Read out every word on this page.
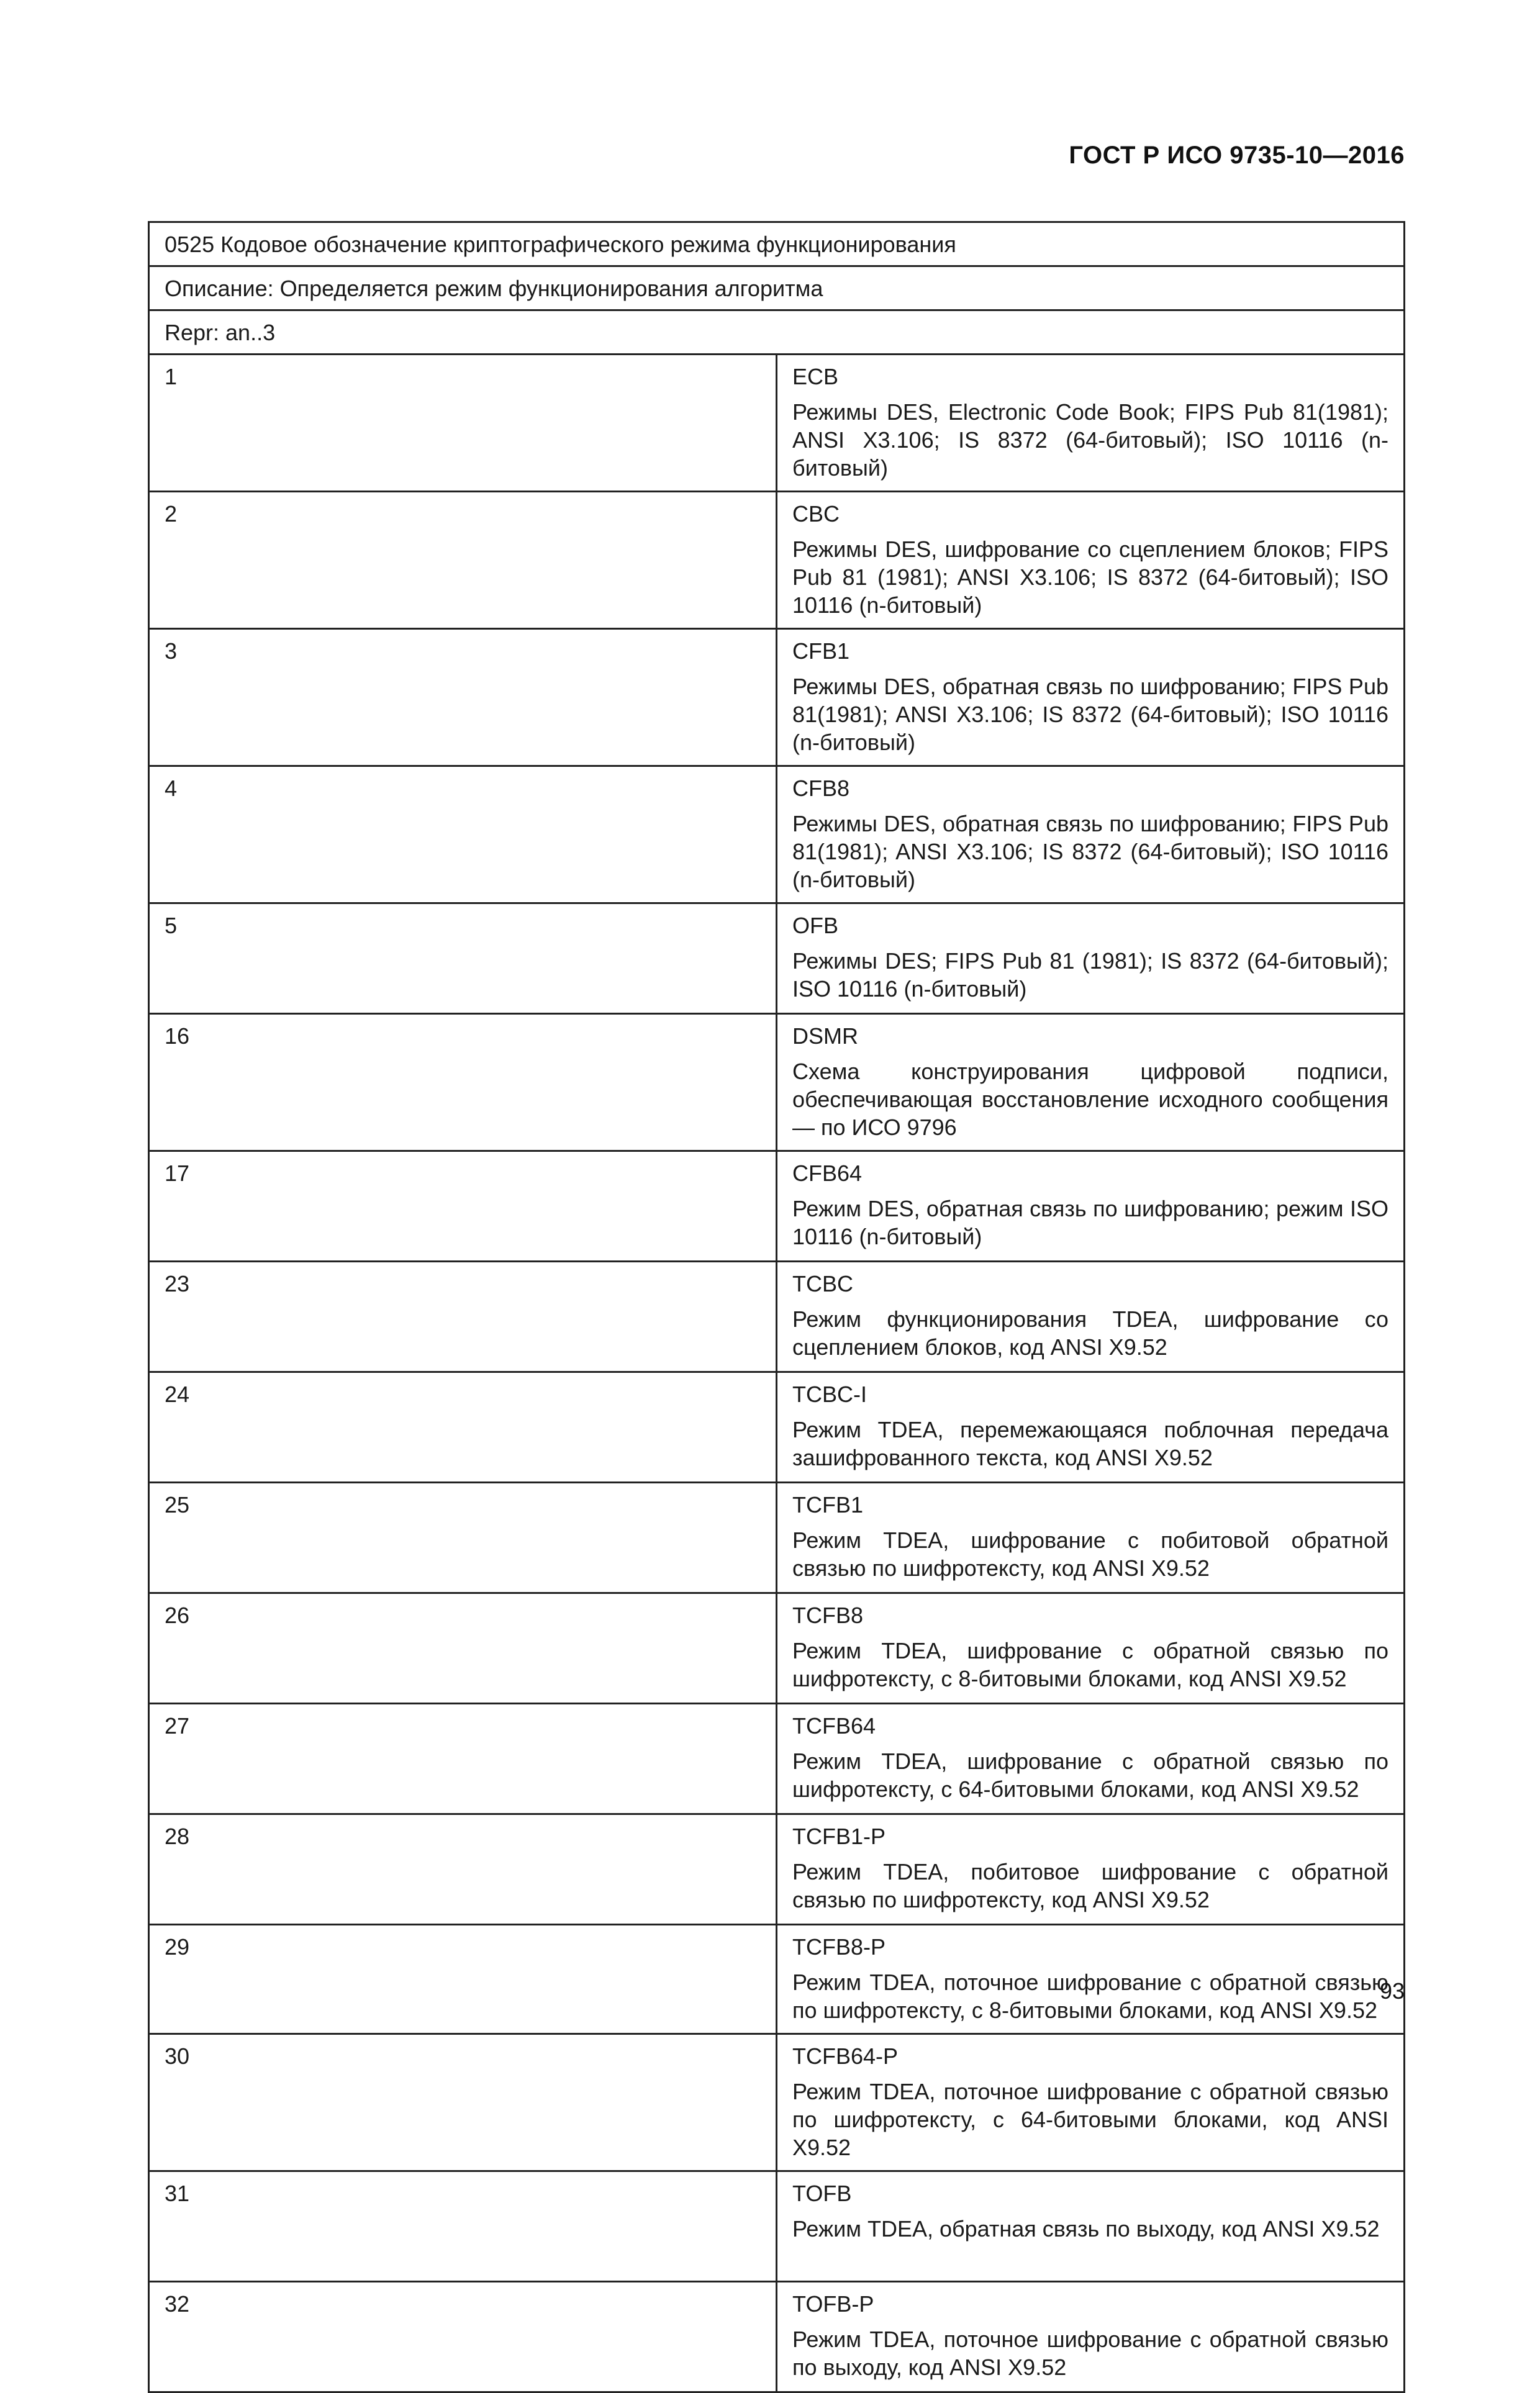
ГОСТ Р ИСО 9735-10—2016
0525 Кодовое обозначение криптографического режима функционирования	
Описание: Определяется режим функционирования алгоритма	
Repr: an..3	
1	ECB
Режимы DES, Electronic Code Book; FIPS Pub 81(1981); ANSI X3.106; IS 8372 (64-битовый); ISO 10116 (n-битовый)

2	CBC
Режимы DES, шифрование со сцеплением блоков; FIPS Pub 81 (1981); ANSI X3.106; IS 8372 (64-битовый); ISO 10116 (n-битовый)

3	CFB1
Режимы DES, обратная связь по шифрованию; FIPS Pub 81(1981); ANSI X3.106; IS 8372 (64-битовый); ISO 10116 (n-битовый)

4	CFB8
Режимы DES, обратная связь по шифрованию; FIPS Pub 81(1981); ANSI X3.106; IS 8372 (64-битовый); ISO 10116 (n-битовый)

5	OFB
Режимы DES; FIPS Pub 81 (1981); IS 8372 (64-битовый); ISO 10116 (n-битовый)

16	DSMR
Схема конструирования цифровой подписи, обеспечивающая восстановление исходного сообщения — по ИСО 9796

17	CFB64
Режим DES, обратная связь по шифрованию; режим ISO 10116 (n-битовый)

23	TCBC
Режим функционирования TDEA, шифрование со сцеплением блоков, код ANSI X9.52

24	TCBC-I
Режим TDEA, перемежающаяся поблочная передача зашифрованного текста, код ANSI X9.52

25	TCFB1
Режим TDEA, шифрование с побитовой обратной связью по шифротексту, код ANSI X9.52

26	TCFB8
Режим TDEA, шифрование с обратной связью по шифротексту, с 8-битовыми блоками, код ANSI X9.52

27	TCFB64
Режим TDEA, шифрование с обратной связью по шифротексту, с 64-битовыми блоками, код ANSI X9.52

28	TCFB1-P
Режим TDEA, побитовое шифрование с обратной связью по шифротексту, код ANSI X9.52

29	TCFB8-P
Режим TDEA, поточное шифрование с обратной связью по шифротексту, с 8-битовыми блоками, код ANSI X9.52

30	TCFB64-P
Режим TDEA, поточное шифрование с обратной связью по шифротексту, с 64-битовыми блоками, код ANSI X9.52

31	TOFB
Режим TDEA, обратная связь по выходу, код ANSI X9.52

32	TOFB-P
Режим TDEA, поточное шифрование с обратной связью по выходу, код ANSI X9.52
93
